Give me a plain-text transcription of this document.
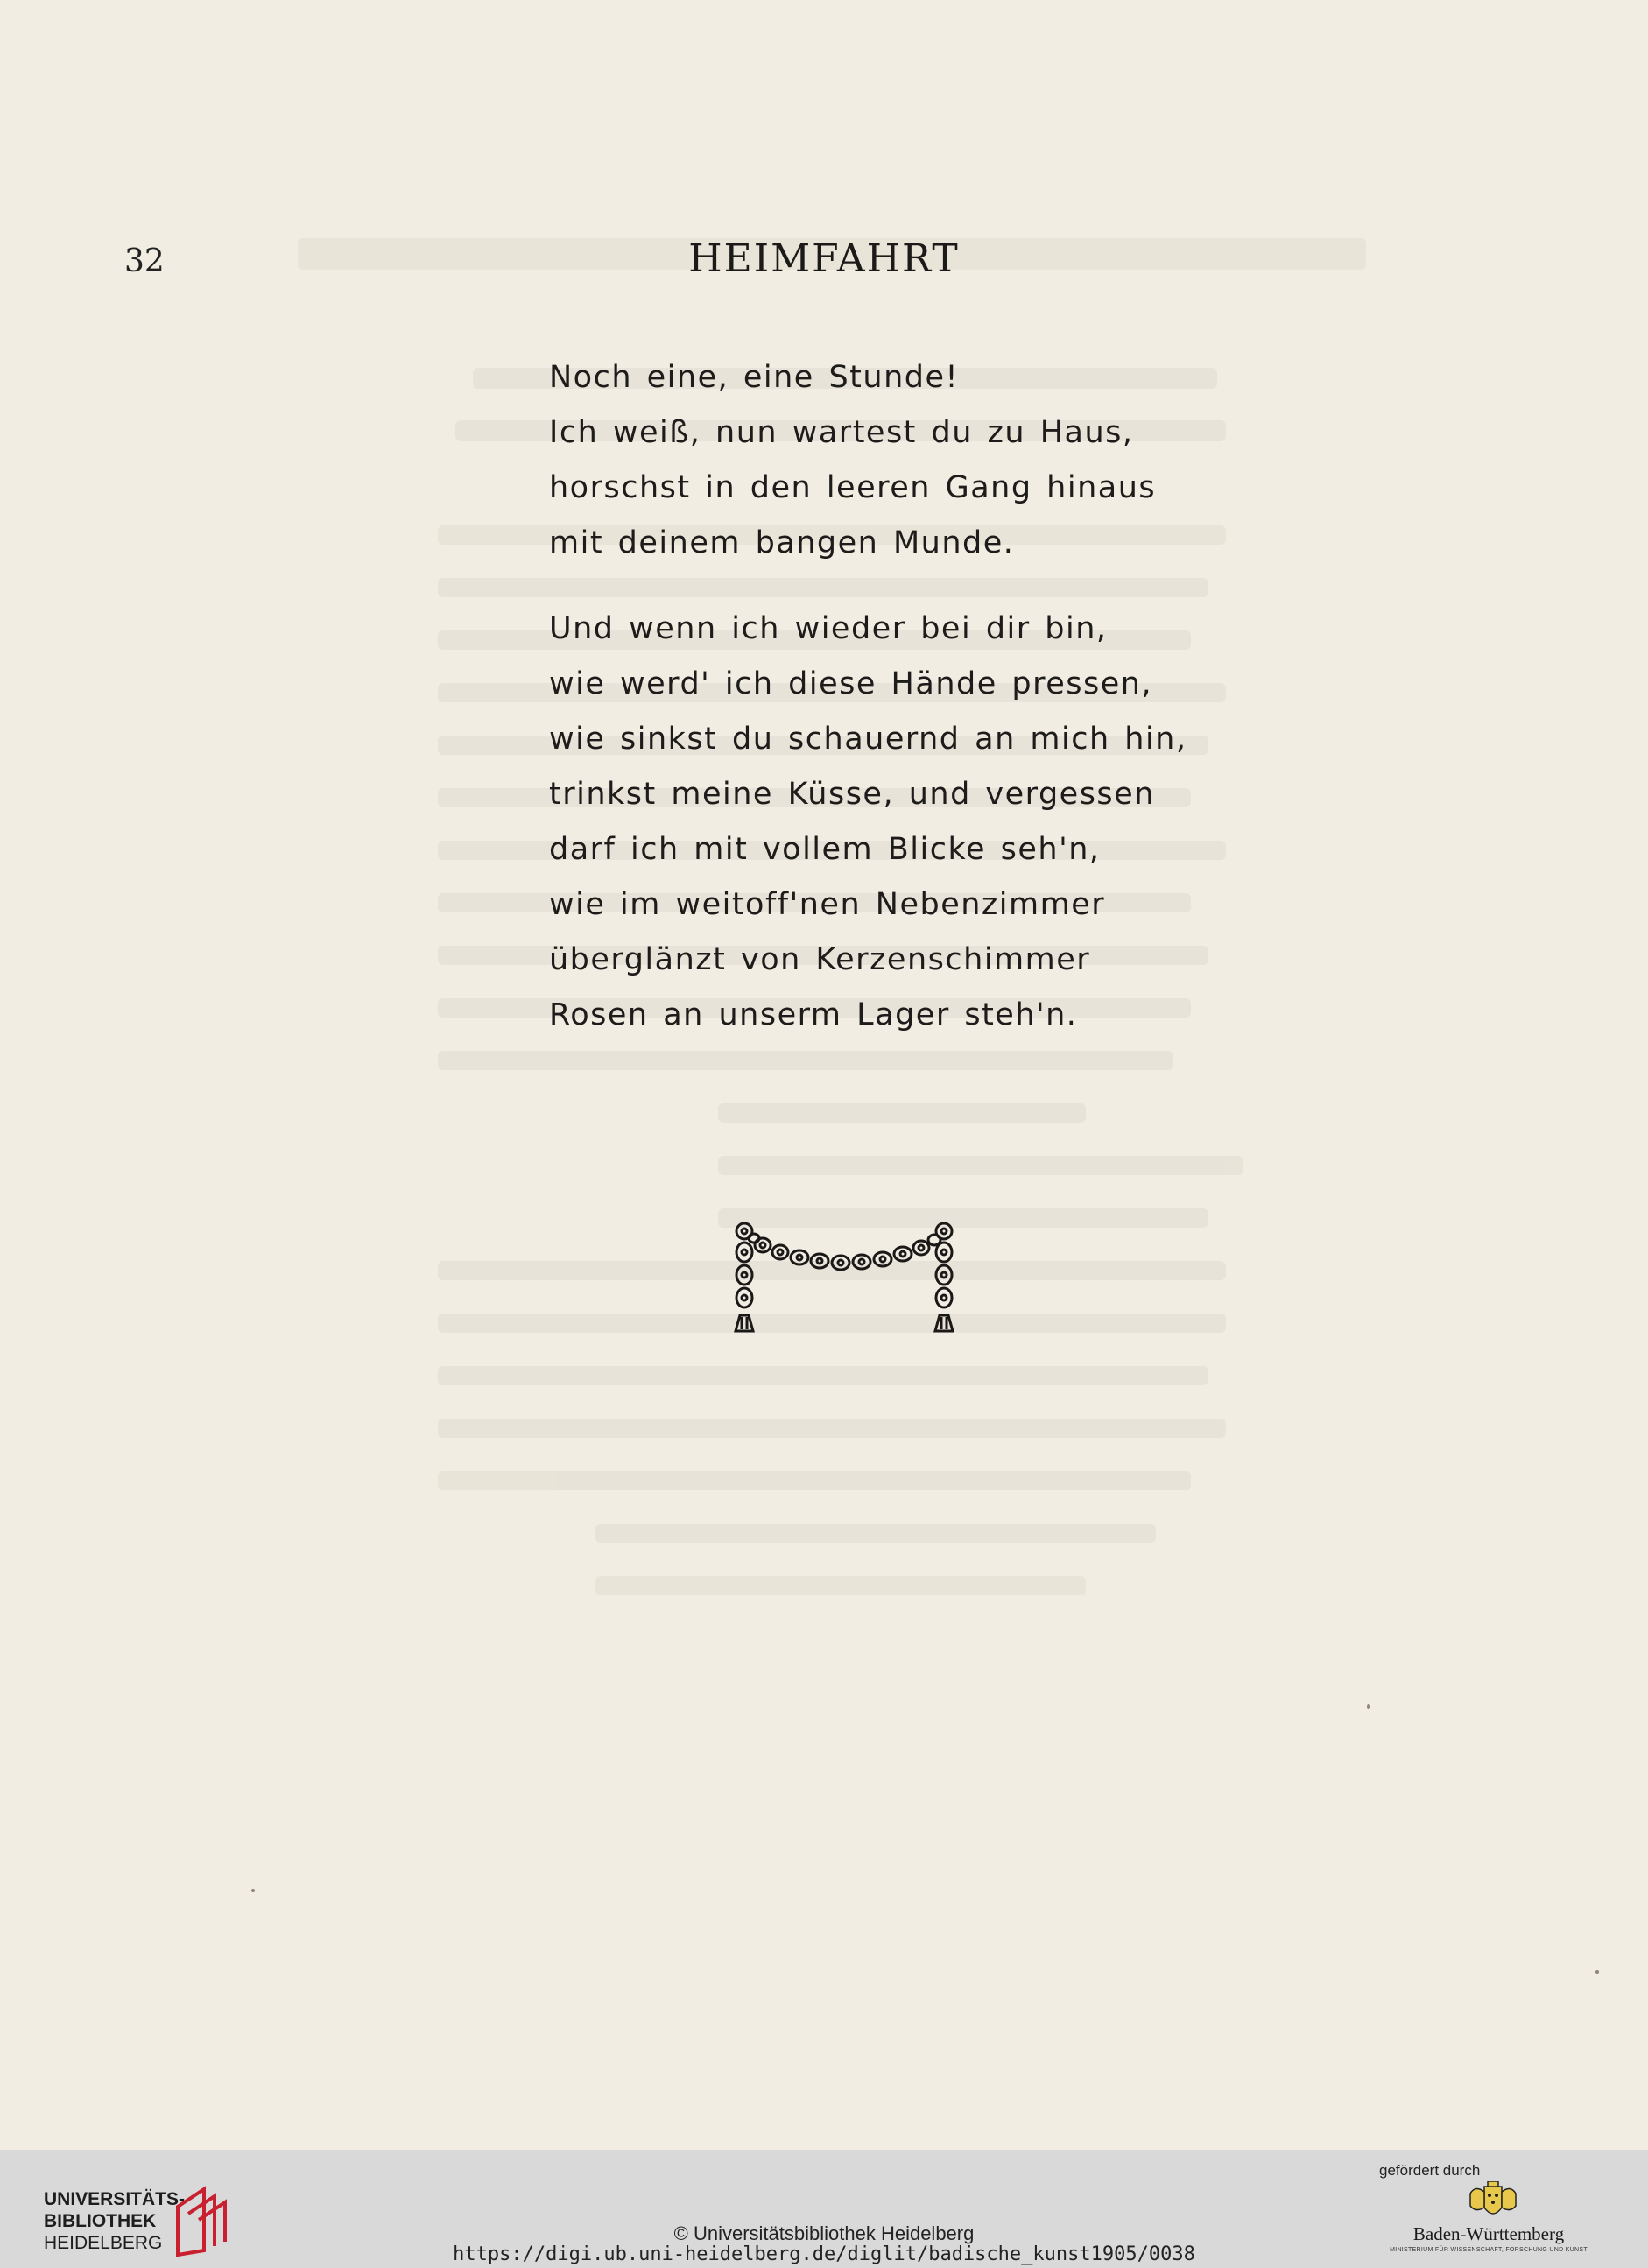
32	HEIMFAHRT
Noch eine, eine Stunde!
Ich weiß, nun wartest du zu Haus,
horschst in den leeren Gang hinaus
mit deinem bangen Munde.
Und wenn ich wieder bei dir bin,
wie werd' ich diese Hände pressen,
wie sinkst du schauernd an mich hin,
trinkst meine Küsse, und vergessen
darf ich mit vollem Blicke seh'n,
wie im weitoff'nen Nebenzimmer
überglänzt von Kerzenschimmer
Rosen an unserm Lager steh'n.
UNIVERSITÄTS-
BIBLIOTHEK
HEIDELBERG	© Universitätsbibliothek Heidelberg
https://digi.ub.uni-heidelberg.de/diglit/badische_kunst1905/0038
gefördert durch
Baden-Württemberg
MINISTERIUM FÜR WISSENSCHAFT, FORSCHUNG UND KUNST
